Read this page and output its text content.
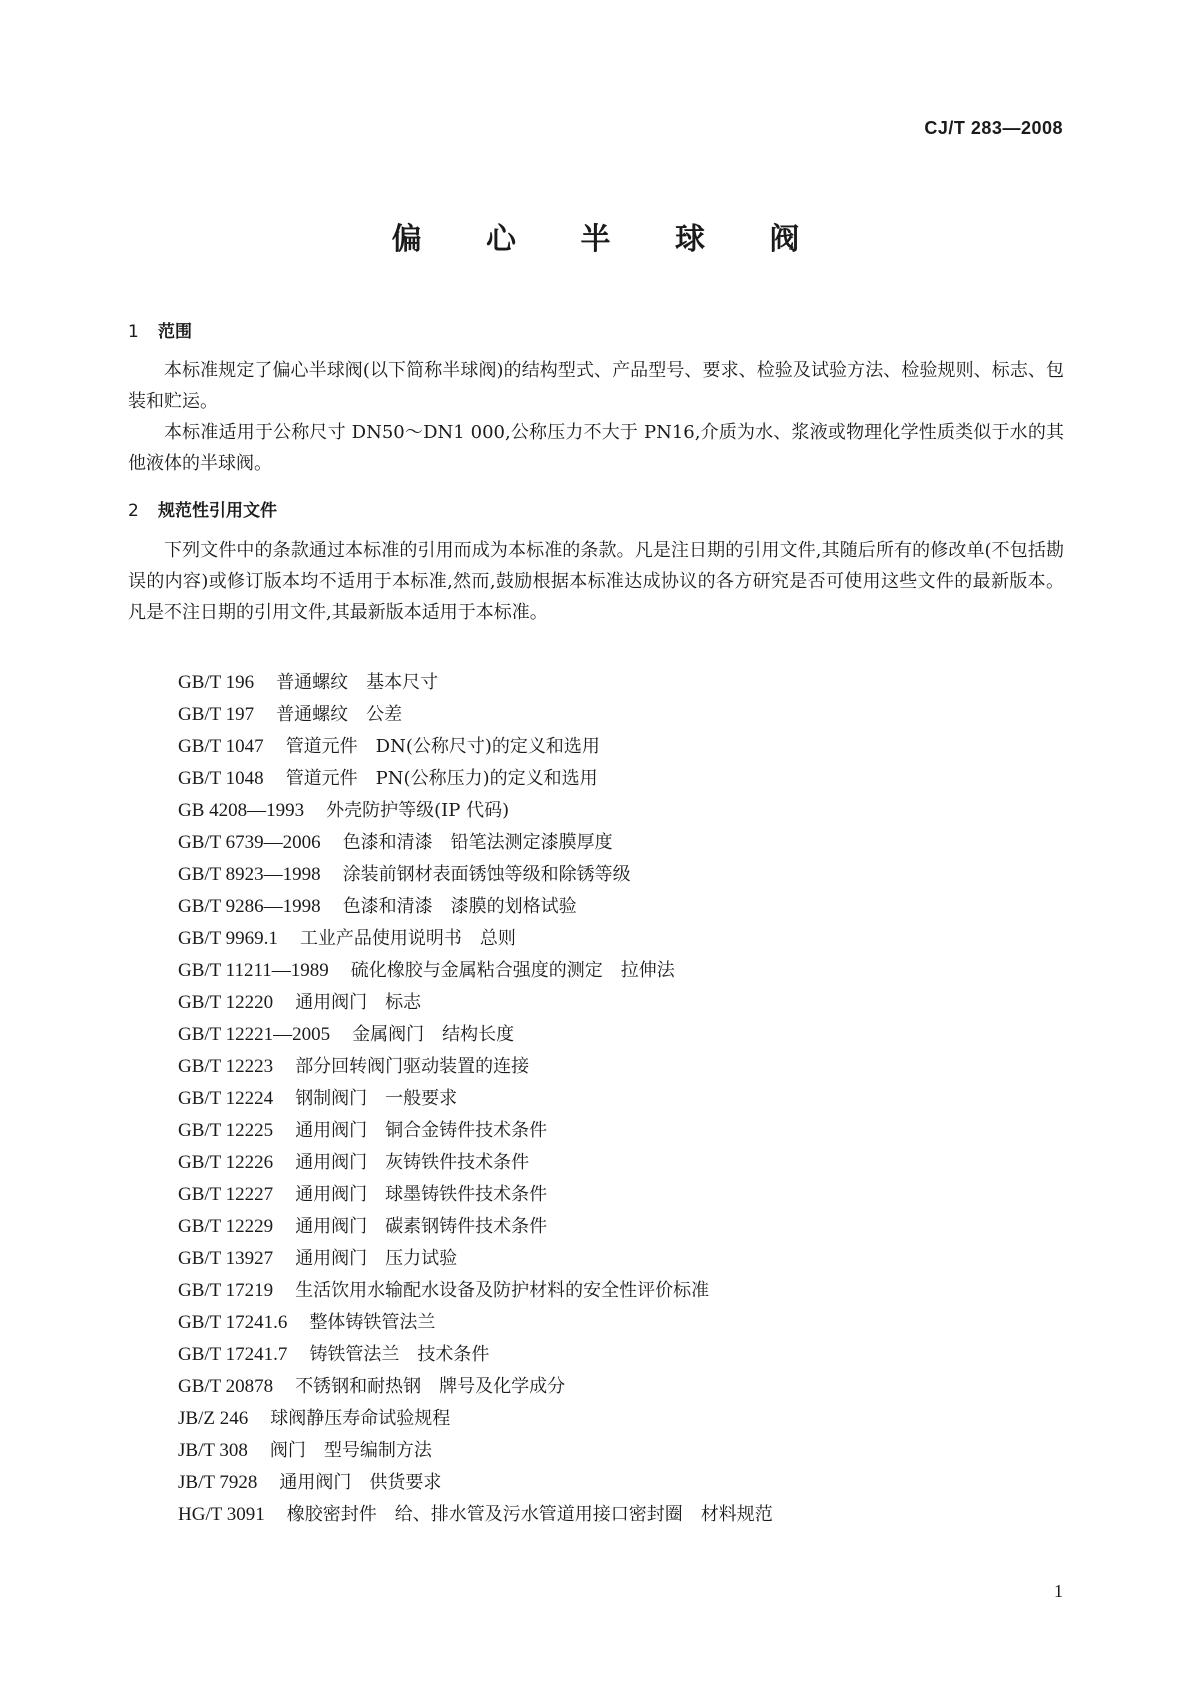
CJ/T 283—2008
偏 心 半 球 阀
1 范围

本标准规定了偏心半球阀(以下简称半球阀)的结构型式、产品型号、要求、检验及试验方法、检验规则、标志、包装和贮运。

本标准适用于公称尺寸 DN50～DN1 000,公称压力不大于 PN16,介质为水、浆液或物理化学性质类似于水的其他液体的半球阀。

2 规范性引用文件

下列文件中的条款通过本标准的引用而成为本标准的条款。凡是注日期的引用文件,其随后所有的修改单(不包括勘误的内容)或修订版本均不适用于本标准,然而,鼓励根据本标准达成协议的各方研究是否可使用这些文件的最新版本。凡是不注日期的引用文件,其最新版本适用于本标准。

GB/T 196 普通螺纹　基本尺寸
GB/T 197 普通螺纹　公差
GB/T 1047 管道元件　DN(公称尺寸)的定义和选用
GB/T 1048 管道元件　PN(公称压力)的定义和选用
GB 4208—1993 外壳防护等级(IP 代码)
GB/T 6739—2006 色漆和清漆　铅笔法测定漆膜厚度
GB/T 8923—1998 涂装前钢材表面锈蚀等级和除锈等级
GB/T 9286—1998 色漆和清漆　漆膜的划格试验
GB/T 9969.1 工业产品使用说明书　总则
GB/T 11211—1989 硫化橡胶与金属粘合强度的测定　拉伸法
GB/T 12220 通用阀门　标志
GB/T 12221—2005 金属阀门　结构长度
GB/T 12223 部分回转阀门驱动装置的连接
GB/T 12224 钢制阀门　一般要求
GB/T 12225 通用阀门　铜合金铸件技术条件
GB/T 12226 通用阀门　灰铸铁件技术条件
GB/T 12227 通用阀门　球墨铸铁件技术条件
GB/T 12229 通用阀门　碳素钢铸件技术条件
GB/T 13927 通用阀门　压力试验
GB/T 17219 生活饮用水输配水设备及防护材料的安全性评价标准
GB/T 17241.6 整体铸铁管法兰
GB/T 17241.7 铸铁管法兰　技术条件
GB/T 20878 不锈钢和耐热钢　牌号及化学成分
JB/Z 246 球阀静压寿命试验规程
JB/T 308 阀门　型号编制方法
JB/T 7928 通用阀门　供货要求
HG/T 3091 橡胶密封件　给、排水管及污水管道用接口密封圈　材料规范
1
